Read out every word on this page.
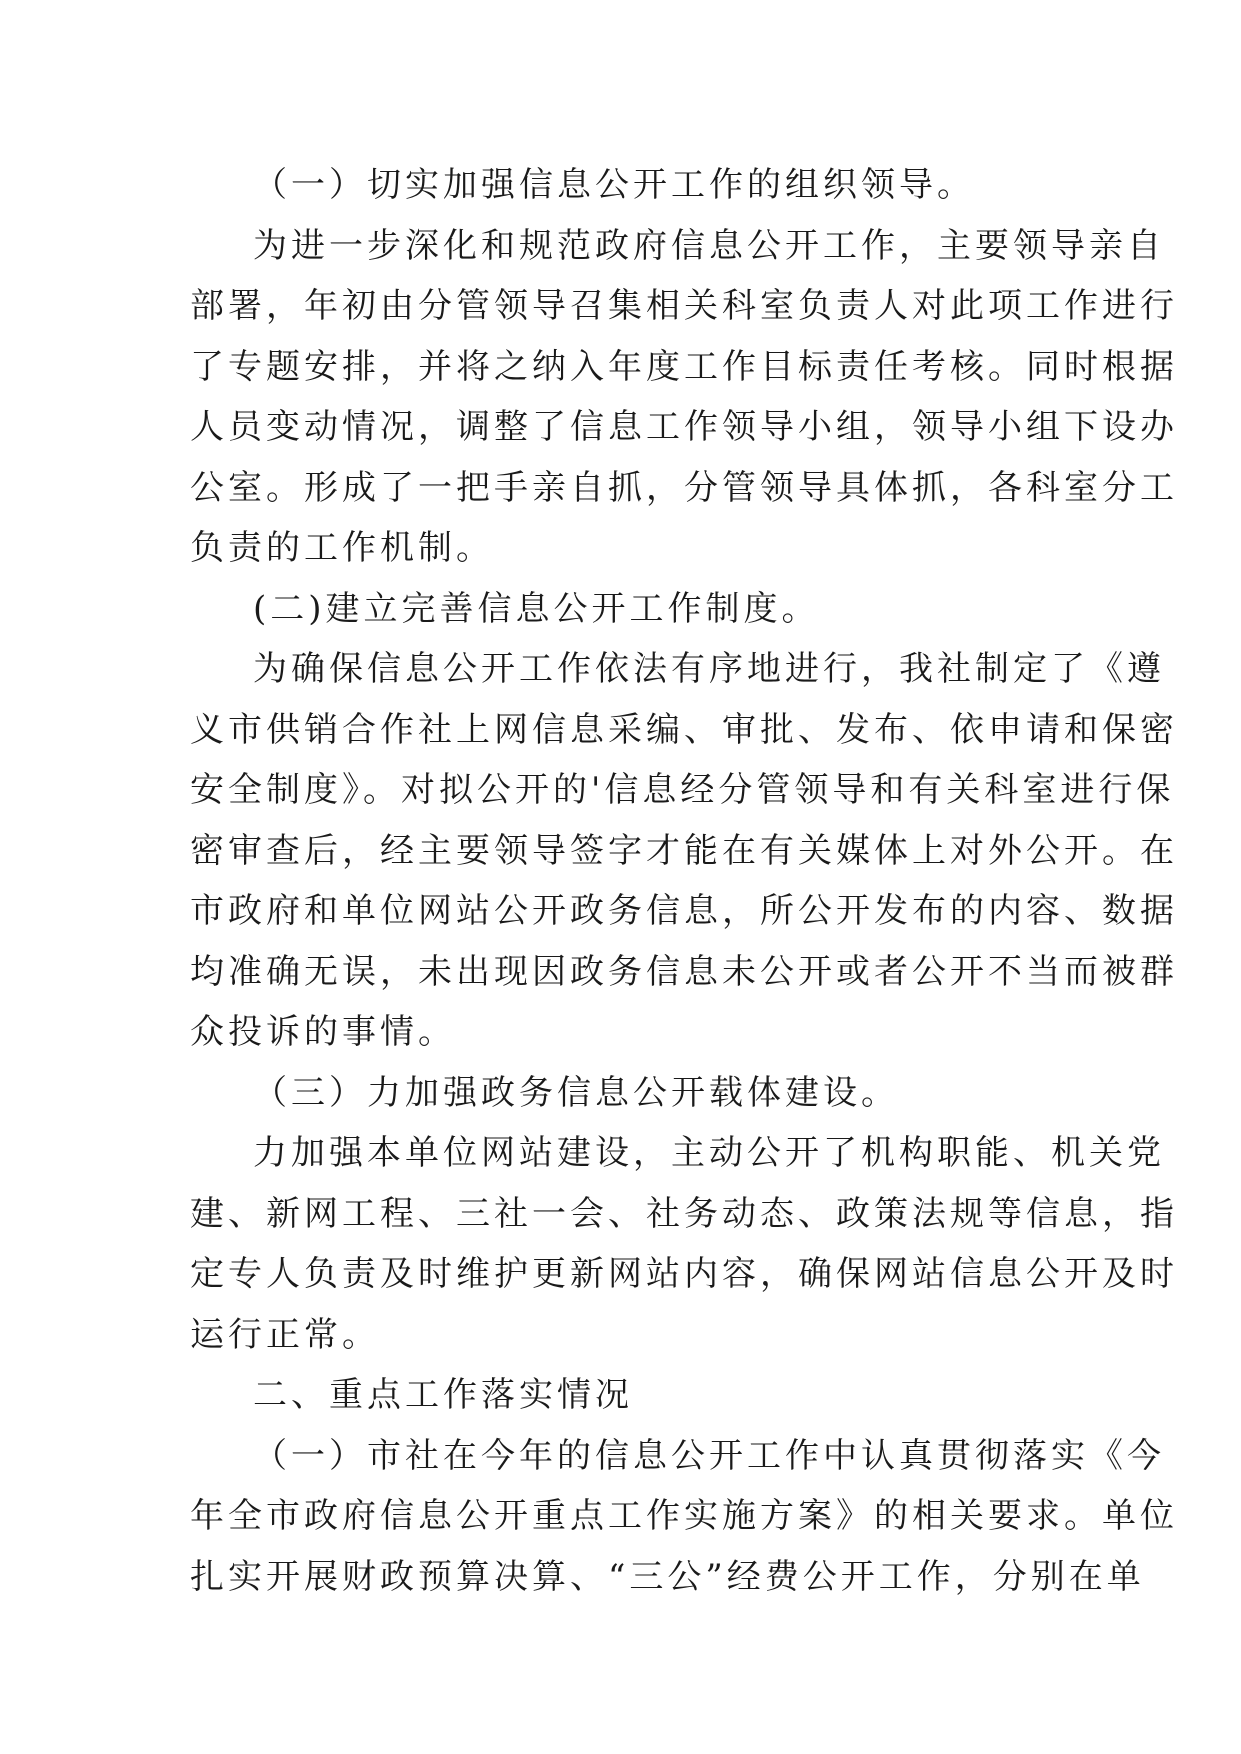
（一）切实加强信息公开工作的组织领导。
为进一步深化和规范政府信息公开工作，主要领导亲自
部署，年初由分管领导召集相关科室负责人对此项工作进行
了专题安排，并将之纳入年度工作目标责任考核。同时根据
人员变动情况，调整了信息工作领导小组，领导小组下设办
公室。形成了一把手亲自抓，分管领导具体抓，各科室分工
负责的工作机制。
(二)建立完善信息公开工作制度。
为确保信息公开工作依法有序地进行，我社制定了《遵
义市供销合作社上网信息采编、审批、发布、依申请和保密
安全制度》。对拟公开的'信息经分管领导和有关科室进行保
密审查后，经主要领导签字才能在有关媒体上对外公开。在
市政府和单位网站公开政务信息，所公开发布的内容、数据
均准确无误，未出现因政务信息未公开或者公开不当而被群
众投诉的事情。
（三）力加强政务信息公开载体建设。
力加强本单位网站建设，主动公开了机构职能、机关党
建、新网工程、三社一会、社务动态、政策法规等信息，指
定专人负责及时维护更新网站内容，确保网站信息公开及时
运行正常。
二、重点工作落实情况
（一）市社在今年的信息公开工作中认真贯彻落实《今
年全市政府信息公开重点工作实施方案》的相关要求。单位
扎实开展财政预算决算、“三公”经费公开工作，分别在单
